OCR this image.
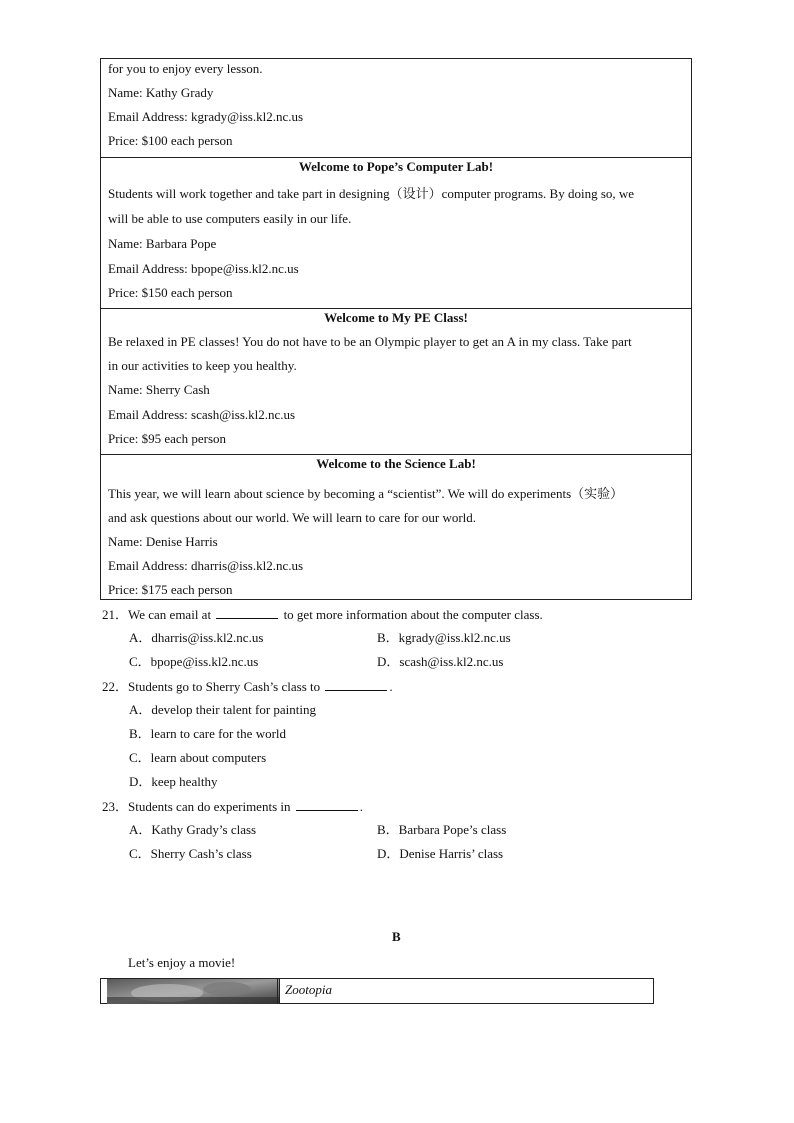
for you to enjoy every lesson.
Name: Kathy Grady
Email Address: kgrady@iss.kl2.nc.us
Price: $100 each person
Welcome to Pope’s Computer Lab!
Students will work together and take part in designing（设计）computer programs. By doing so, we
will be able to use computers easily in our life.
Name: Barbara Pope
Email Address: bpope@iss.kl2.nc.us
Price: $150 each person
Welcome to My PE Class!
Be relaxed in PE classes! You do not have to be an Olympic player to get an A in my class. Take part
in our activities to keep you healthy.
Name: Sherry Cash
Email Address: scash@iss.kl2.nc.us
Price: $95 each person
Welcome to the Science Lab!
This year, we will learn about science by becoming a “scientist”. We will do experiments（实验）
and ask questions about our world. We will learn to care for our world.
Name: Denise Harris
Email Address: dharris@iss.kl2.nc.us
Price: $175 each person
21．We can email at	to get more information about the computer class.
A．dharris@iss.kl2.nc.us	B．kgrady@iss.kl2.nc.us
C．bpope@iss.kl2.nc.us	D．scash@iss.kl2.nc.us
22．Students go to Sherry Cash’s class to	.
A．develop their talent for painting
B．learn to care for the world
C．learn about computers
D．keep healthy
23．Students can do experiments in	.
A．Kathy Grady’s class	B．Barbara Pope’s class
C．Sherry Cash’s class	D．Denise Harris’ class
B
Let’s enjoy a movie!
Zootopia
